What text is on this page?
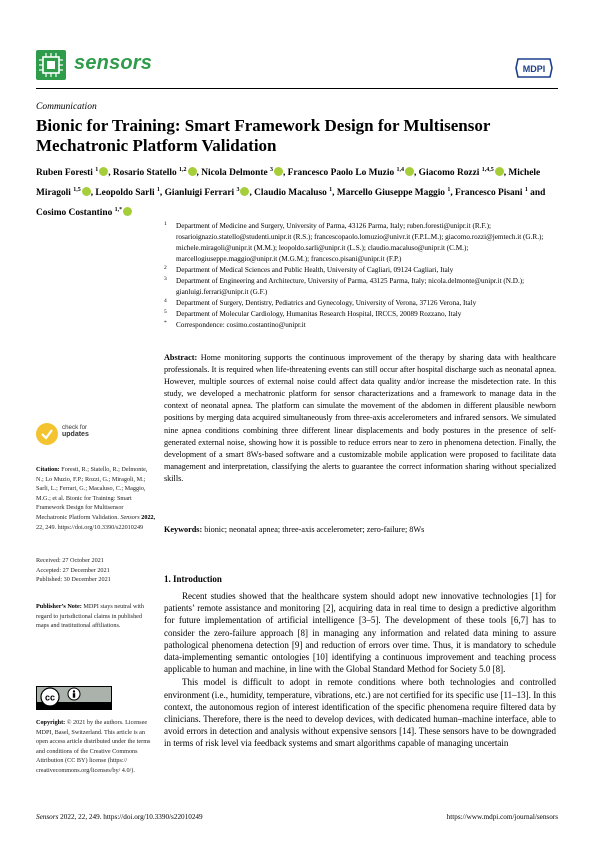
sensors	MDPI
Communication
Bionic for Training: Smart Framework Design for Multisensor Mechatronic Platform Validation
Ruben Foresti $^1$ , Rosario Statello $^{1,2}$ , Nicola Delmonte $^3$ , Francesco Paolo Lo Muzio $^{1,4}$ , Giacomo Rozzi $^{1,4,5}$ , Michele Miragoli $^{1,5}$ , Leopoldo Sarli $^1$, Gianluigi Ferrari $^3$ , Claudio Macaluso $^1$, Marcello Giuseppe Maggio $^1$, Francesco Pisani $^1$ and Cosimo Costantino $^{1,*}$
1 Department of Medicine and Surgery, University of Parma, 43126 Parma, Italy; ruben.foresti@unipr.it (R.F.); rosarioignazio.statello@studenti.unipr.it (R.S.); francescopaolo.lomuzio@univr.it (F.P.L.M.); giacomo.rozzi@jemtech.it (G.R.); michele.miragoli@unipr.it (M.M.); leopoldo.sarli@unipr.it (L.S.); claudio.macaluso@unipr.it (C.M.); marcellogiuseppe.maggio@unipr.it (M.G.M.); francesco.pisani@unipr.it (F.P.)
2 Department of Medical Sciences and Public Health, University of Cagliari, 09124 Cagliari, Italy
3 Department of Engineering and Architecture, University of Parma, 43125 Parma, Italy; nicola.delmonte@unipr.it (N.D.); gianluigi.ferrari@unipr.it (G.F.)
4 Department of Surgery, Dentistry, Pediatrics and Gynecology, University of Verona, 37126 Verona, Italy
5 Department of Molecular Cardiology, Humanitas Research Hospital, IRCCS, 20089 Rozzano, Italy
* Correspondence: cosimo.costantino@unipr.it
check for
updates
Citation: Foresti, R.; Statello, R.; Delmonte, N.; Lo Muzio, F.P.; Rozzi, G.; Miragoli, M.; Sarli, L.; Ferrari, G.; Macaluso, C.; Maggio, M.G.; et al. Bionic for Training: Smart Framework Design for Multisensor Mechatronic Platform Validation. Sensors 2022, 22, 249. https://doi.org/10.3390/s22010249
Received: 27 October 2021
Accepted: 27 December 2021
Published: 30 December 2021
Publisher’s Note: MDPI stays neutral with regard to jurisdictional claims in published maps and institutional affiliations.
cc
Copyright: © 2021 by the authors. Licensee MDPI, Basel, Switzerland. This article is an open access article distributed under the terms and conditions of the Creative Commons Attribution (CC BY) license (https:// creativecommons.org/licenses/by/ 4.0/).
Abstract: Home monitoring supports the continuous improvement of the therapy by sharing data with healthcare professionals. It is required when life-threatening events can still occur after hospital discharge such as neonatal apnea. However, multiple sources of external noise could affect data quality and/or increase the misdetection rate. In this study, we developed a mechatronic platform for sensor characterizations and a framework to manage data in the context of neonatal apnea. The platform can simulate the movement of the abdomen in different plausible newborn positions by merging data acquired simultaneously from three-axis accelerometers and infrared sensors. We simulated nine apnea conditions combining three different linear displacements and body postures in the presence of self-generated external noise, showing how it is possible to reduce errors near to zero in phenomena detection. Finally, the development of a smart 8Ws-based software and a customizable mobile application were proposed to facilitate data management and interpretation, classifying the alerts to guarantee the correct information sharing without specialized skills.
Keywords: bionic; neonatal apnea; three-axis accelerometer; zero-failure; 8Ws
1. Introduction

Recent studies showed that the healthcare system should adopt new innovative technologies [1] for patients’ remote assistance and monitoring [2], acquiring data in real time to design a predictive algorithm for future implementation of artificial intelligence [3–5]. The development of these tools [6,7] has to consider the zero-failure approach [8] in managing any information and related data mining to assure pathological phenomena detection [9] and reduction of errors over time. Thus, it is mandatory to schedule data-implementing semantic ontologies [10] identifying a continuous improvement and teaching process applicable to human and machine, in line with the Global Standard Method for Society 5.0 [8].

This model is difficult to adopt in remote conditions where both technologies and controlled environment (i.e., humidity, temperature, vibrations, etc.) are not certified for its specific use [11–13]. In this context, the autonomous region of interest identification of the specific phenomena require filtered data by clinicians. Therefore, there is the need to develop devices, with dedicated human–machine interface, able to avoid errors in detection and analysis without expensive sensors [14]. These sensors have to be downgraded in terms of risk level via feedback systems and smart algorithms capable of managing uncertain

Sensors 2022, 22, 249. https://doi.org/10.3390/s22010249	https://www.mdpi.com/journal/sensors
